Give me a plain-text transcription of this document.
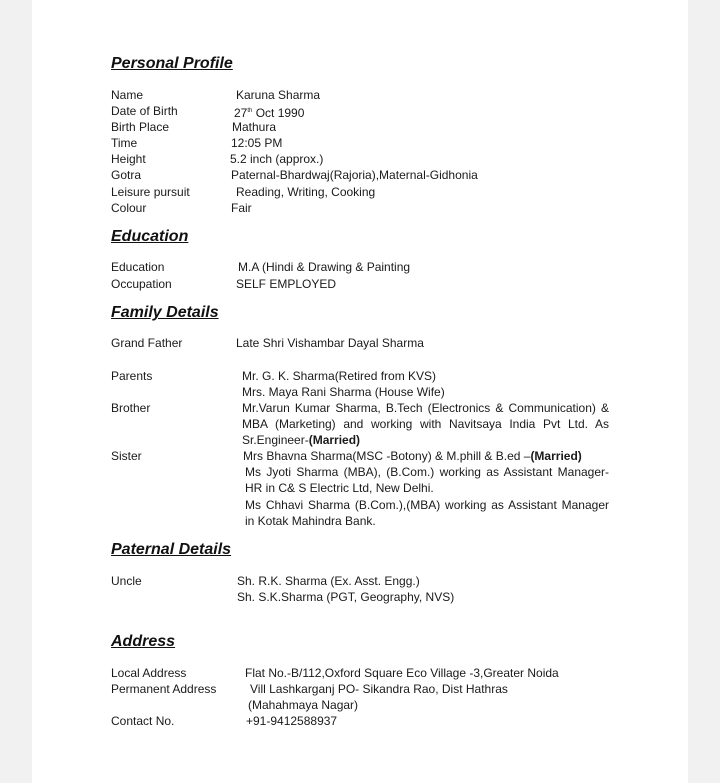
Personal Profile
Name	Karuna Sharma
Date of Birth	27th Oct 1990
Birth Place	Mathura
Time	12:05 PM
Height	5.2 inch (approx.)
Gotra	Paternal-Bhardwaj(Rajoria),Maternal-Gidhonia
Leisure pursuit	Reading, Writing, Cooking
Colour	Fair
Education
Education	M.A (Hindi & Drawing & Painting
Occupation	SELF EMPLOYED
Family Details
Grand Father	Late Shri Vishambar Dayal Sharma
Parents	Mr. G. K. Sharma(Retired from KVS)
Mrs. Maya Rani Sharma (House Wife)
Brother	Mr.Varun Kumar Sharma, B.Tech (Electronics & Communication) & MBA (Marketing) and working with Navitsaya India Pvt Ltd. As Sr.Engineer-(Married)
Sister	Mrs Bhavna Sharma(MSC -Botony) & M.phill & B.ed –(Married)
Ms Jyoti Sharma (MBA), (B.Com.) working as Assistant Manager-HR in C& S Electric Ltd, New Delhi.
Ms Chhavi Sharma (B.Com.),(MBA) working as Assistant Manager in Kotak Mahindra Bank.
Paternal Details
Uncle	Sh. R.K. Sharma (Ex. Asst. Engg.)
Sh. S.K.Sharma (PGT, Geography, NVS)
Address
Local Address	Flat No.-B/112,Oxford Square Eco Village -3,Greater Noida
Permanent Address	Vill Lashkarganj PO- Sikandra Rao, Dist Hathras
(Mahahmaya Nagar)
Contact No.	+91-9412588937
